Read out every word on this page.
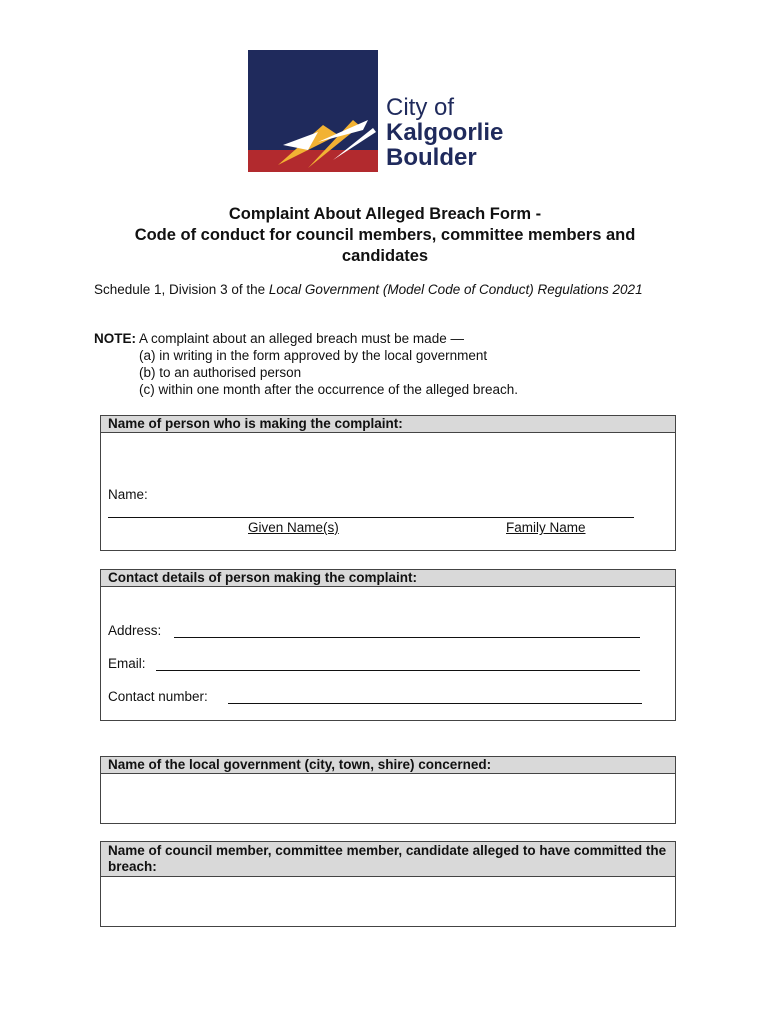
City of
Kalgoorlie
Boulder
Complaint About Alleged Breach Form -
Code of conduct for council members, committee members and
candidates
Schedule 1, Division 3 of the Local Government (Model Code of Conduct) Regulations 2021
NOTE: A complaint about an alleged breach must be made —
(a) in writing in the form approved by the local government
(b) to an authorised person
(c) within one month after the occurrence of the alleged breach.
Name of person who is making the complaint:
Name:
Given Name(s)	Family Name
Contact details of person making the complaint:
Address:
Email:
Contact number:
Name of the local government (city, town, shire) concerned:
Name of council member, committee member, candidate alleged to have committed the breach:
